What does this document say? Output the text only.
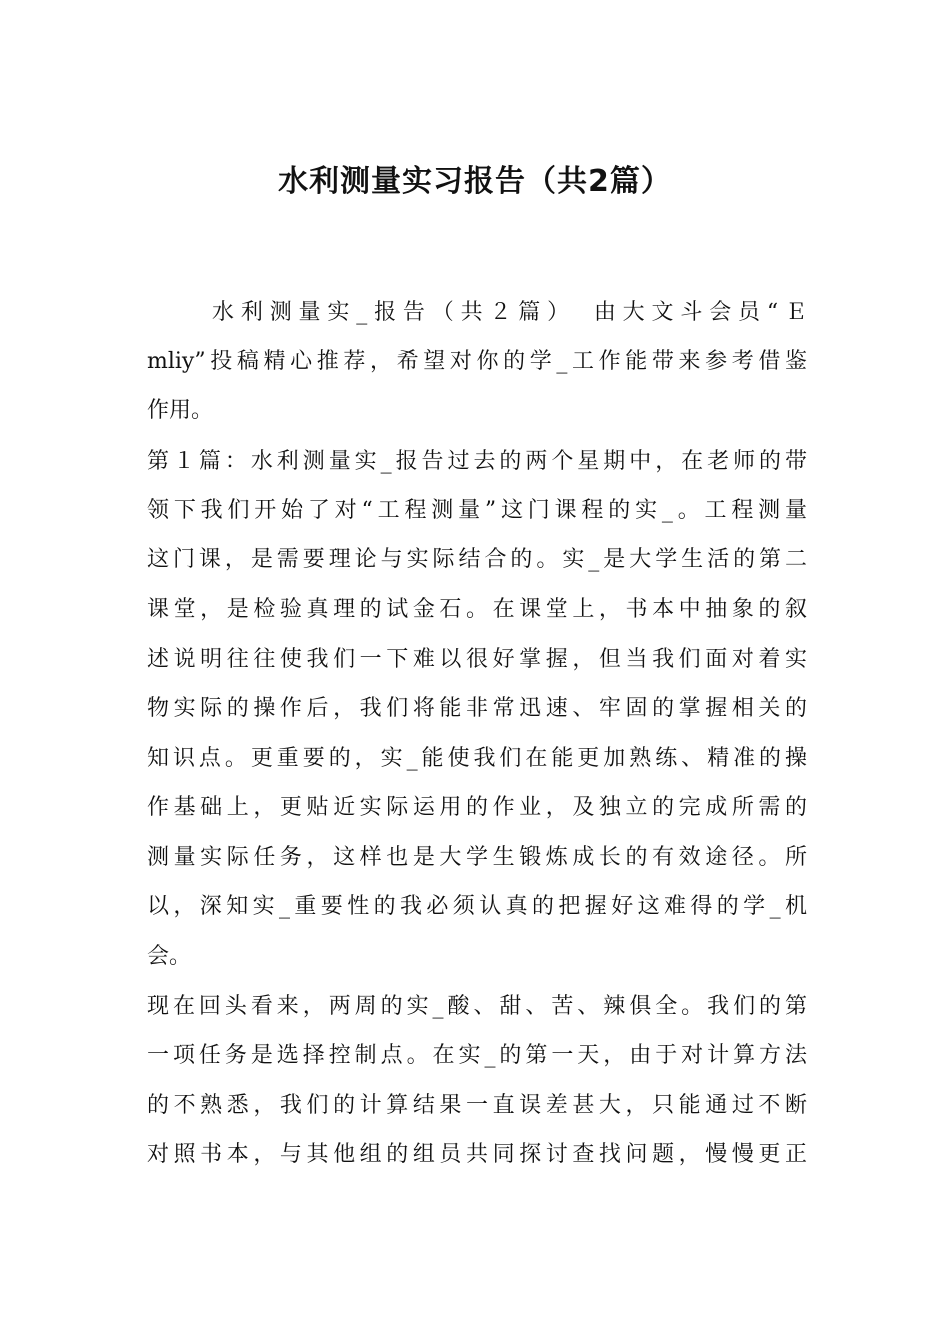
水利测量实习报告（共2篇）

水利测量实_报告（共２篇）　由大文斗会员“Ｅ

mliy”投稿精心推荐，希望对你的学_工作能带来参考借鉴

作用。

第１篇：水利测量实_报告过去的两个星期中，在老师的带

领下我们开始了对“工程测量”这门课程的实_。工程测量

这门课，是需要理论与实际结合的。实_是大学生活的第二

课堂，是检验真理的试金石。在课堂上，书本中抽象的叙

述说明往往使我们一下难以很好掌握，但当我们面对着实

物实际的操作后，我们将能非常迅速、牢固的掌握相关的

知识点。更重要的，实_能使我们在能更加熟练、精准的操

作基础上，更贴近实际运用的作业，及独立的完成所需的

测量实际任务，这样也是大学生锻炼成长的有效途径。所

以，深知实_重要性的我必须认真的把握好这难得的学_机

会。

现在回头看来，两周的实_酸、甜、苦、辣俱全。我们的第

一项任务是选择控制点。在实_的第一天，由于对计算方法

的不熟悉，我们的计算结果一直误差甚大，只能通过不断

对照书本，与其他组的组员共同探讨查找问题，慢慢更正
